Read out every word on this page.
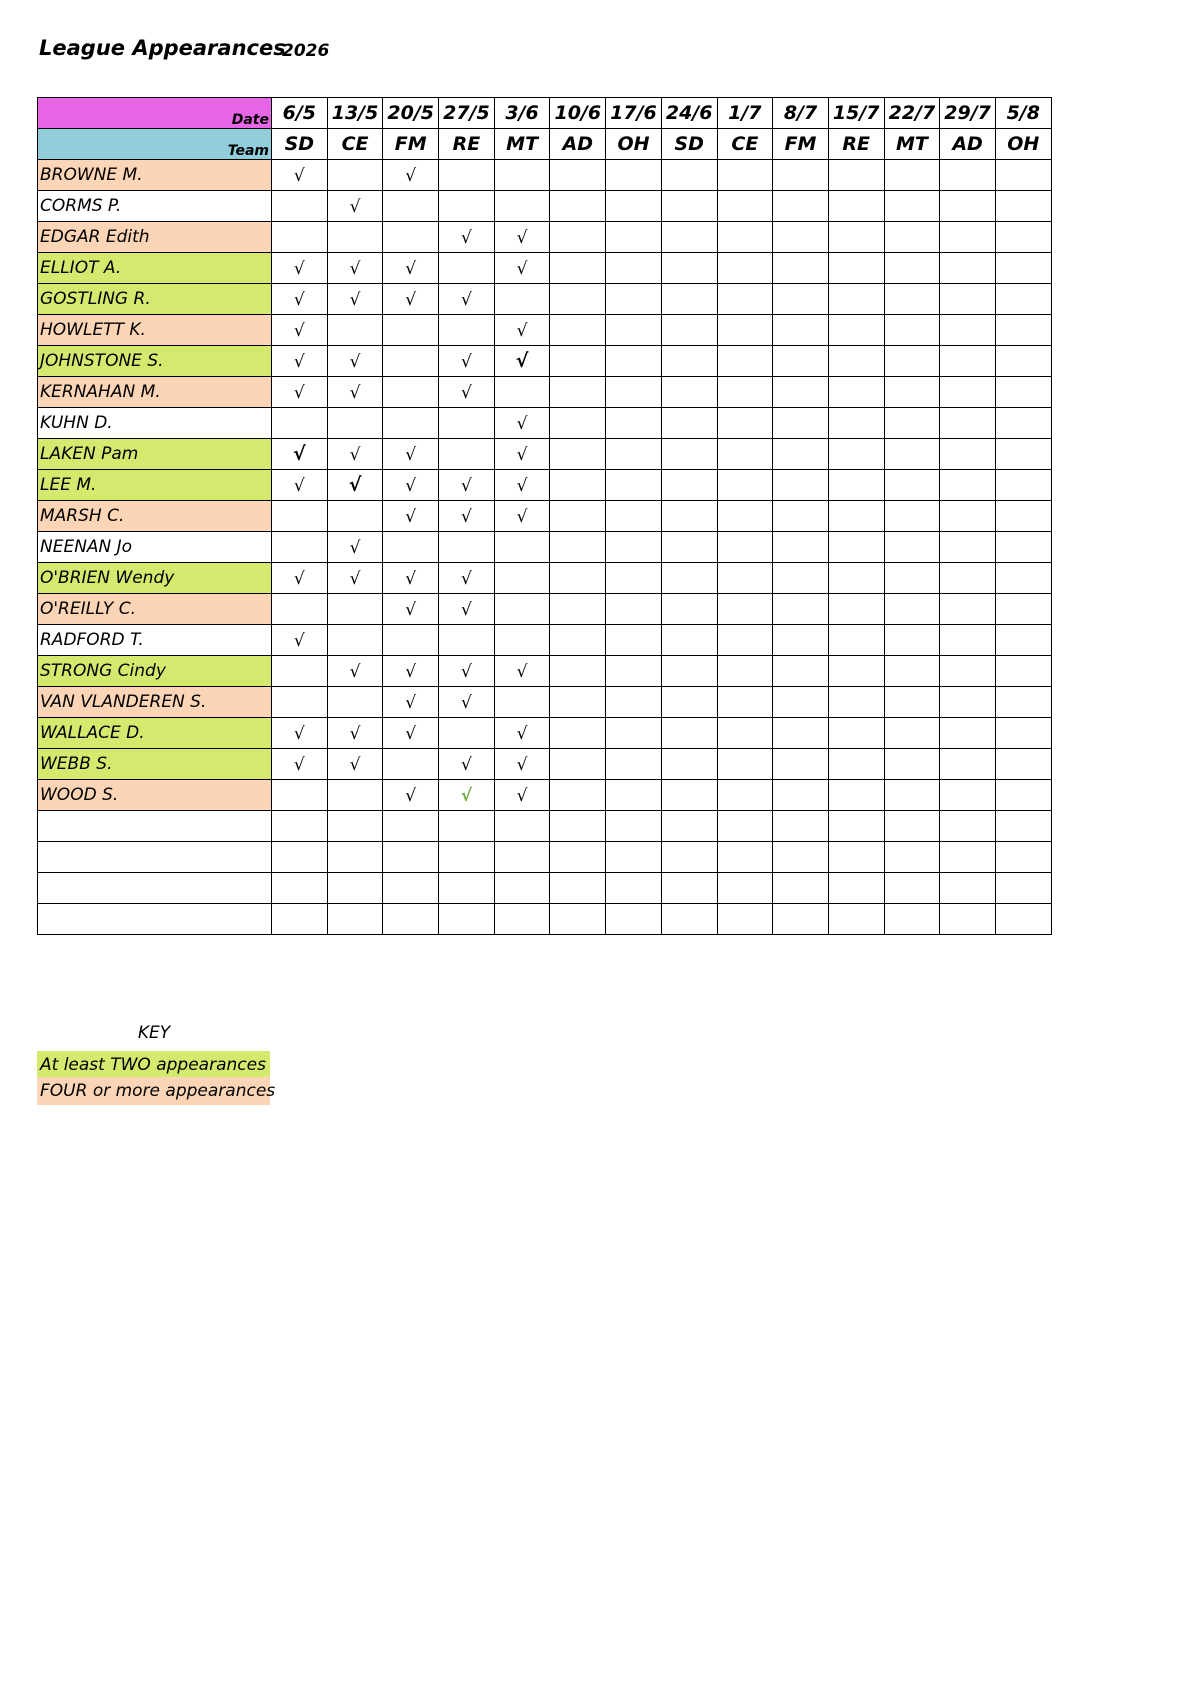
League Appearances
2026
Date	6/5	13/5	20/5	27/5	3/6	10/6	17/6	24/6	1/7	8/7	15/7	22/7	29/7	5/8
Team	SD	CE	FM	RE	MT	AD	OH	SD	CE	FM	RE	MT	AD	OH
BROWNE M.	√		√											
CORMS P.		√												
EDGAR Edith				√	√									
ELLIOT A.	√	√	√		√									
GOSTLING R.	√	√	√	√										
HOWLETT K.	√				√									
JOHNSTONE S.	√	√		√	√									
KERNAHAN M.	√	√		√										
KUHN D.					√									
LAKEN Pam	√	√	√		√									
LEE M.	√	√	√	√	√									
MARSH C.			√	√	√									
NEENAN Jo		√												
O'BRIEN Wendy	√	√	√	√										
O'REILLY C.			√	√										
RADFORD T.	√													
STRONG Cindy		√	√	√	√									
VAN VLANDEREN S.			√	√										
WALLACE D.	√	√	√		√									
WEBB S.	√	√		√	√									
WOOD S.			√	√	√									

KEY
At least TWO appearances
FOUR or more appearances
